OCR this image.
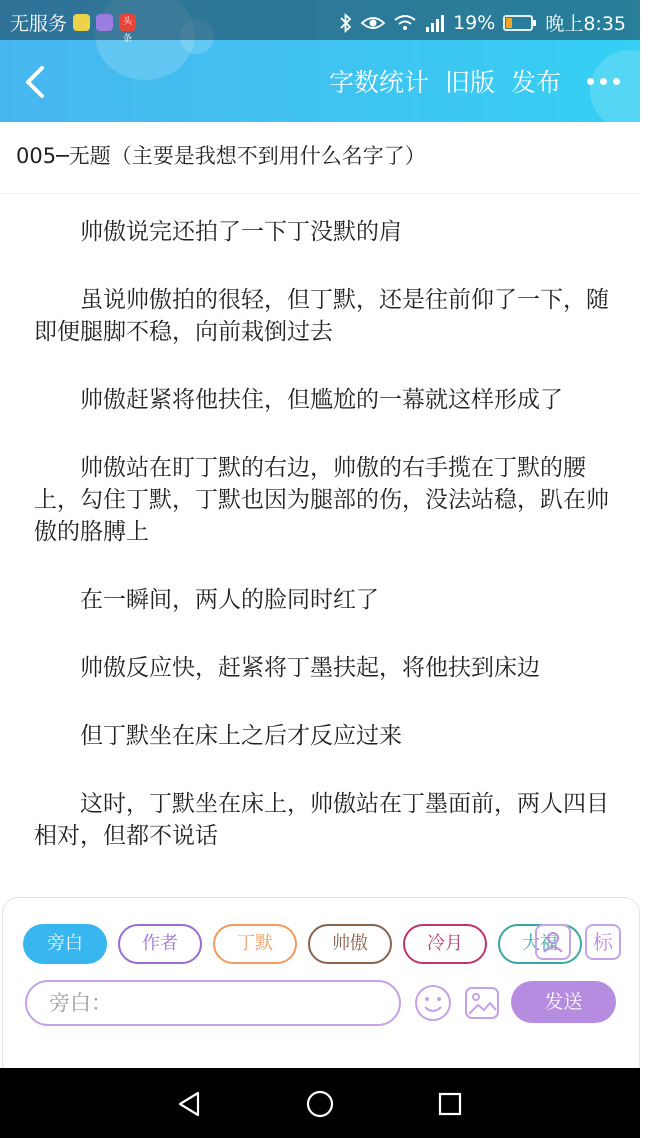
无服务	头条
19%	晚上8:35
字数统计 旧版 发布
005─无题（主要是我想不到用什么名字了）

帅傲说完还拍了一下丁没默的肩

虽说帅傲拍的很轻，但丁默，还是往前仰了一下，随即便腿脚不稳，向前栽倒过去

帅傲赶紧将他扶住，但尴尬的一幕就这样形成了

帅傲站在盯丁默的右边，帅傲的右手揽在丁默的腰上，勾住丁默，丁默也因为腿部的伤，没法站稳，趴在帅傲的胳膊上

在一瞬间，两人的脸同时红了

帅傲反应快，赶紧将丁墨扶起，将他扶到床边

但丁默坐在床上之后才反应过来

这时，丁默坐在床上，帅傲站在丁墨面前，两人四目相对，但都不说话

旁白	作者	丁默	帅傲	冷月	大福	标
旁白：	发送
